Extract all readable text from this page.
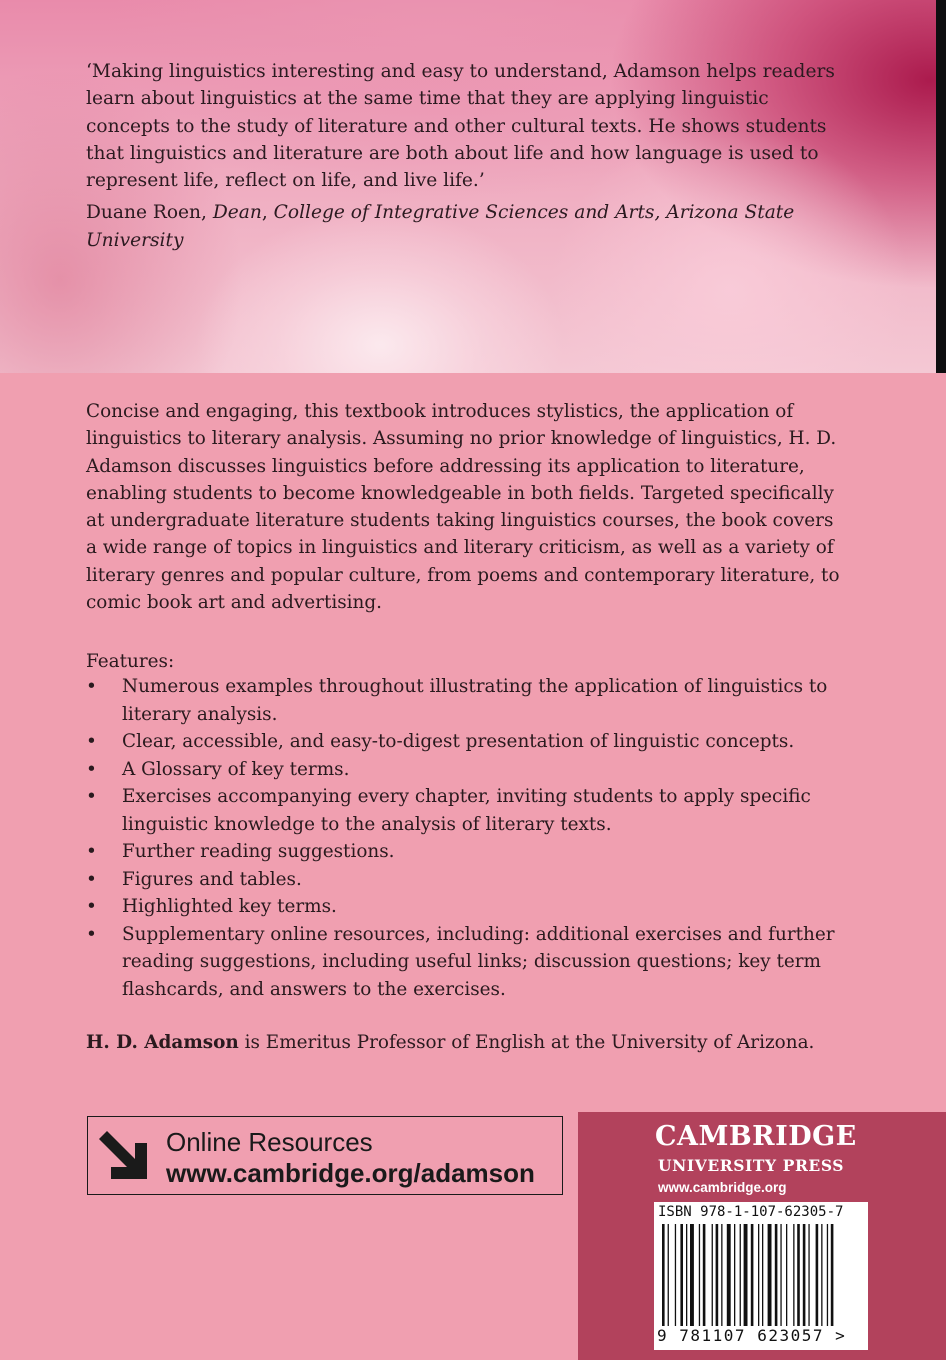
‘Making linguistics interesting and easy to understand, Adamson helps readers learn about linguistics at the same time that they are applying linguistic concepts to the study of literature and other cultural texts. He shows students that linguistics and literature are both about life and how language is used to represent life, reflect on life, and live life.’

Duane Roen, Dean, College of Integrative Sciences and Arts, Arizona State University

Concise and engaging, this textbook introduces stylistics, the application of linguistics to literary analysis. Assuming no prior knowledge of linguistics, H. D. Adamson discusses linguistics before addressing its application to literature, enabling students to become knowledgeable in both fields. Targeted specifically at undergraduate literature students taking linguistics courses, the book covers a wide range of topics in linguistics and literary criticism, as well as a variety of literary genres and popular culture, from poems and contemporary literature, to comic book art and advertising.

Features:
• Numerous examples throughout illustrating the application of linguistics to literary analysis.
• Clear, accessible, and easy-to-digest presentation of linguistic concepts.
• A Glossary of key terms.
• Exercises accompanying every chapter, inviting students to apply specific linguistic knowledge to the analysis of literary texts.
• Further reading suggestions.
• Figures and tables.
• Highlighted key terms.
• Supplementary online resources, including: additional exercises and further reading suggestions, including useful links; discussion questions; key term flashcards, and answers to the exercises.
H. D. Adamson is Emeritus Professor of English at the University of Arizona.
Online Resources
www.cambridge.org/adamson
CAMBRIDGE
UNIVERSITY PRESS
www.cambridge.org
ISBN 978-1-107-62305-7
9 781107 623057 >
